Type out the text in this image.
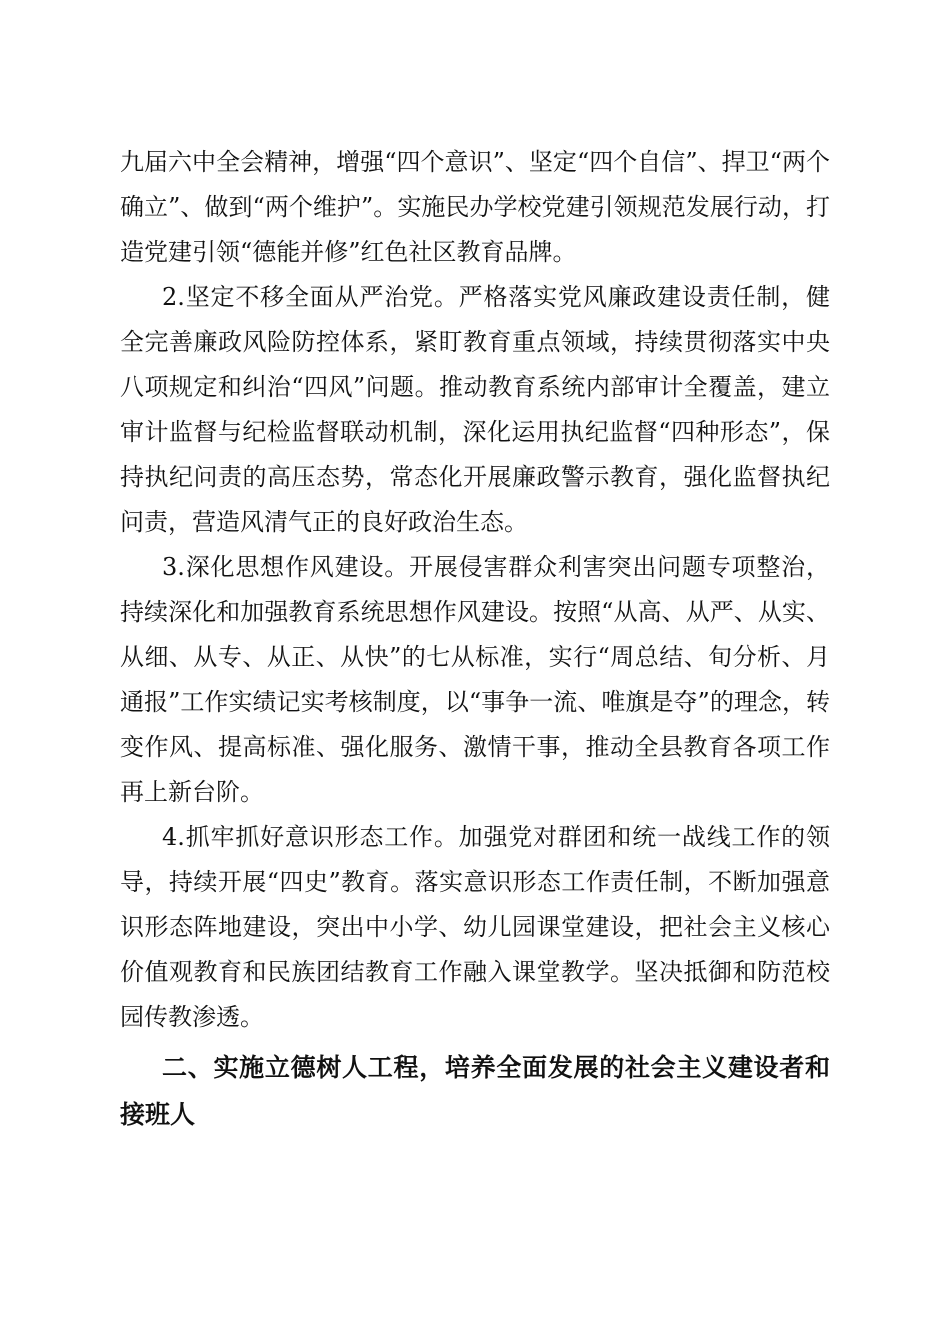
九届六中全会精神，增强“四个意识”、坚定“四个自信”、捍卫“两个确立”、做到“两个维护”。实施民办学校党建引领规范发展行动，打造党建引领“德能并修”红色社区教育品牌。

2.坚定不移全面从严治党。严格落实党风廉政建设责任制，健全完善廉政风险防控体系，紧盯教育重点领域，持续贯彻落实中央八项规定和纠治“四风”问题。推动教育系统内部审计全覆盖，建立审计监督与纪检监督联动机制，深化运用执纪监督“四种形态”，保持执纪问责的高压态势，常态化开展廉政警示教育，强化监督执纪问责，营造风清气正的良好政治生态。

3.深化思想作风建设。开展侵害群众利害突出问题专项整治，持续深化和加强教育系统思想作风建设。按照“从高、从严、从实、从细、从专、从正、从快”的七从标准，实行“周总结、旬分析、月通报”工作实绩记实考核制度，以“事争一流、唯旗是夺”的理念，转变作风、提高标准、强化服务、激情干事，推动全县教育各项工作再上新台阶。

4.抓牢抓好意识形态工作。加强党对群团和统一战线工作的领导，持续开展“四史”教育。落实意识形态工作责任制，不断加强意识形态阵地建设，突出中小学、幼儿园课堂建设，把社会主义核心价值观教育和民族团结教育工作融入课堂教学。坚决抵御和防范校园传教渗透。

二、实施立德树人工程，培养全面发展的社会主义建设者和接班人
